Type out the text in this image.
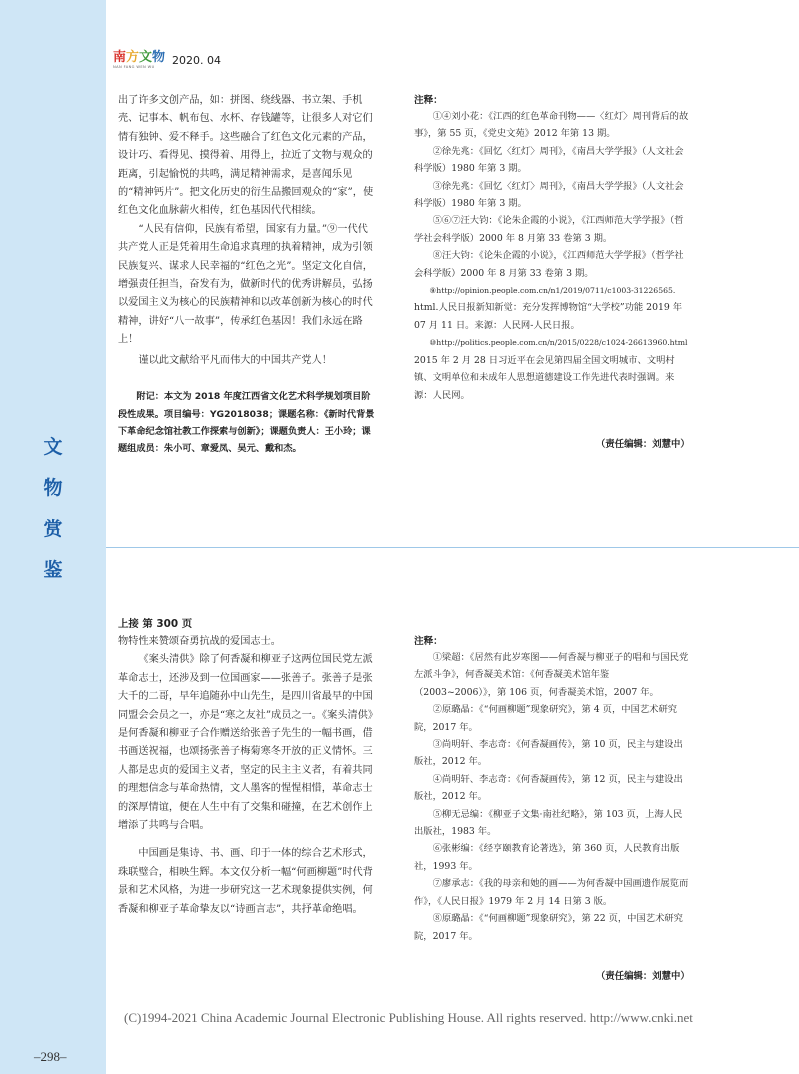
文
物
赏
鉴
南方文物
NAN FANG WEN WU	2020. 04

出了许多文创产品，如：拼图、绕线器、书立架、手机壳、记事本、帆布包、水杯、存钱罐等，让很多人对它们情有独钟、爱不释手。这些融合了红色文化元素的产品，设计巧、看得见、摸得着、用得上，拉近了文物与观众的距离，引起愉悦的共鸣，满足精神需求，是喜闻乐见的“精神钙片”。把文化历史的衍生品搬回观众的“家”，使红色文化血脉薪火相传，红色基因代代相续。

“人民有信仰，民族有希望，国家有力量。”⑨一代代共产党人正是凭着用生命追求真理的执着精神，成为引领民族复兴、谋求人民幸福的“红色之光”。坚定文化自信，增强责任担当，奋发有为，做新时代的优秀讲解员，弘扬以爱国主义为核心的民族精神和以改革创新为核心的时代精神，讲好“八一故事”，传承红色基因！我们永远在路上！

谨以此文献给平凡而伟大的中国共产党人！

附记：本文为 2018 年度江西省文化艺术科学规划项目阶段性成果。项目编号：YG2018038；课题名称：《新时代背景下革命纪念馆社教工作探索与创新》；课题负责人：王小玲；课题组成员：朱小可、章爱凤、吴元、戴和杰。

注释：

①④刘小花：《江西的红色革命刊物——〈红灯〉周刊背后的故事》，第 55 页，《党史文苑》2012 年第 13 期。

②徐先兆：《回忆〈红灯〉周刊》，《南昌大学学报》（人文社会科学版）1980 年第 3 期。

③徐先兆：《回忆〈红灯〉周刊》，《南昌大学学报》（人文社会科学版）1980 年第 3 期。

⑤⑥⑦汪大钧：《论朱企霞的小说》，《江西师范大学学报》（哲学社会科学版）2000 年 8 月第 33 卷第 3 期。

⑧汪大钧：《论朱企霞的小说》，《江西师范大学学报》（哲学社会科学版）2000 年 8 月第 33 卷第 3 期。

⑨http://opinion.people.com.cn/n1/2019/0711/c1003-31226565.

html.人民日报新知新觉：充分发挥博物馆“大学校”功能 2019 年 07 月 11 日。来源：人民网-人民日报。

⑩http://politics.people.com.cn/n/2015/0228/c1024-26613960.html

2015 年 2 月 28 日习近平在会见第四届全国文明城市、文明村镇、文明单位和未成年人思想道德建设工作先进代表时强调。来源：人民网。

（责任编辑：刘慧中）
上接 第 300 页

物特性来赞颂奋勇抗战的爱国志士。

《案头清供》除了何香凝和柳亚子这两位国民党左派革命志士，还涉及到一位国画家——张善子。张善子是张大千的二哥，早年追随孙中山先生，是四川省最早的中国同盟会会员之一，亦是“寒之友社”成员之一。《案头清供》是何香凝和柳亚子合作赠送给张善子先生的一幅书画，借书画送祝福，也颂扬张善子梅菊寒冬开放的正义情怀。三人都是忠贞的爱国主义者，坚定的民主主义者，有着共同的理想信念与革命热情，文人墨客的惺惺相惜，革命志士的深厚情谊，便在人生中有了交集和碰撞，在艺术创作上增添了共鸣与合唱。

中国画是集诗、书、画、印于一体的综合艺术形式，珠联璧合，相映生辉。本文仅分析一幅“何画柳题”时代背景和艺术风格，为进一步研究这一艺术现象提供实例，何香凝和柳亚子革命挚友以“诗画言志”，共抒革命绝唱。

注释：

①梁超：《居然有此岁寒图——何香凝与柳亚子的唱和与国民党左派斗争》，何香凝美术馆：《何香凝美术馆年鉴（2003~2006）》，第 106 页，何香凝美术馆，2007 年。

②原璐晶：《“何画柳题”现象研究》，第 4 页，中国艺术研究院，2017 年。

③尚明轩、李志奇：《何香凝画传》，第 10 页，民主与建设出版社，2012 年。

④尚明轩、李志奇：《何香凝画传》，第 12 页，民主与建设出版社，2012 年。

⑤柳无忌编：《柳亚子文集·南社纪略》，第 103 页，上海人民出版社，1983 年。

⑥张彬编：《经亨颐教育论著选》，第 360 页，人民教育出版社，1993 年。

⑦廖承志：《我的母亲和她的画——为何香凝中国画遗作展览而作》，《人民日报》1979 年 2 月 14 日第 3 版。

⑧原璐晶：《“何画柳题”现象研究》，第 22 页，中国艺术研究院，2017 年。

（责任编辑：刘慧中）
(C)1994-2021 China Academic Journal Electronic Publishing House. All rights reserved. http://www.cnki.net
–298–
